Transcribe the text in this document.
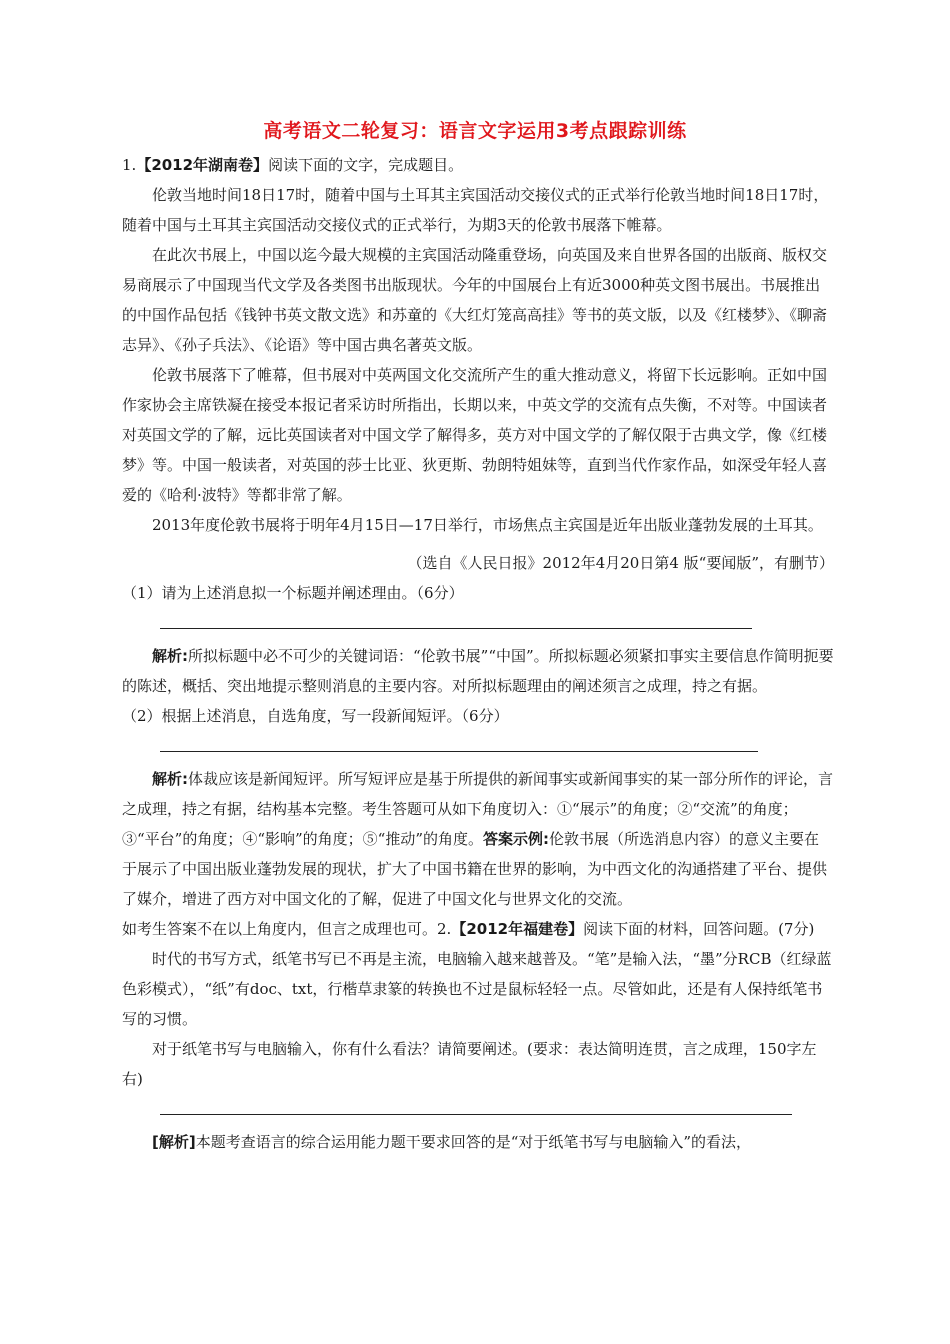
高考语文二轮复习：语言文字运用3考点跟踪训练

1.【2012年湖南卷】阅读下面的文字，完成题目。

伦敦当地时间18日17时，随着中国与土耳其主宾国活动交接仪式的正式举行伦敦当地时间18日17时，随着中国与土耳其主宾国活动交接仪式的正式举行，为期3天的伦敦书展落下帷幕。

在此次书展上，中国以迄今最大规模的主宾国活动隆重登场，向英国及来自世界各国的出版商、版权交易商展示了中国现当代文学及各类图书出版现状。今年的中国展台上有近3000种英文图书展出。书展推出的中国作品包括《钱钟书英文散文选》和苏童的《大红灯笼高高挂》等书的英文版，以及《红楼梦》、《聊斋志异》、《孙子兵法》、《论语》等中国古典名著英文版。

伦敦书展落下了帷幕，但书展对中英两国文化交流所产生的重大推动意义，将留下长远影响。正如中国作家协会主席铁凝在接受本报记者采访时所指出，长期以来，中英文学的交流有点失衡，不对等。中国读者对英国文学的了解，远比英国读者对中国文学了解得多，英方对中国文学的了解仅限于古典文学，像《红楼梦》等。中国一般读者，对英国的莎士比亚、狄更斯、勃朗特姐妹等，直到当代作家作品，如深受年轻人喜爱的《哈利·波特》等都非常了解。

2013年度伦敦书展将于明年4月15日—17日举行，市场焦点主宾国是近年出版业蓬勃发展的土耳其。

（选自《人民日报》2012年4月20日第4 版“要闻版”，有删节）

（1）请为上述消息拟一个标题并阐述理由。（6分）

解析:所拟标题中必不可少的关键词语：“伦敦书展”“中国”。所拟标题必须紧扣事实主要信息作简明扼要的陈述，概括、突出地提示整则消息的主要内容。对所拟标题理由的阐述须言之成理，持之有据。

（2）根据上述消息，自选角度，写一段新闻短评。（6分）

解析:体裁应该是新闻短评。所写短评应是基于所提供的新闻事实或新闻事实的某一部分所作的评论，言之成理，持之有据，结构基本完整。考生答题可从如下角度切入：①“展示”的角度；②“交流”的角度；③“平台”的角度；④“影响”的角度；⑤“推动”的角度。答案示例:伦敦书展（所选消息内容）的意义主要在于展示了中国出版业蓬勃发展的现状，扩大了中国书籍在世界的影响，为中西文化的沟通搭建了平台、提供了媒介，增进了西方对中国文化的了解，促进了中国文化与世界文化的交流。

如考生答案不在以上角度内，但言之成理也可。2.【2012年福建卷】阅读下面的材料，回答问题。(7分)

时代的书写方式，纸笔书写已不再是主流，电脑输入越来越普及。“笔”是输入法，“墨”分RCB（红绿蓝色彩模式），“纸”有doc、txt，行楷草隶篆的转换也不过是鼠标轻轻一点。尽管如此，还是有人保持纸笔书写的习惯。

对于纸笔书写与电脑输入，你有什么看法？请简要阐述。(要求：表达简明连贯，言之成理，150字左右)

[解析]本题考查语言的综合运用能力题干要求回答的是“对于纸笔书写与电脑输入”的看法，
